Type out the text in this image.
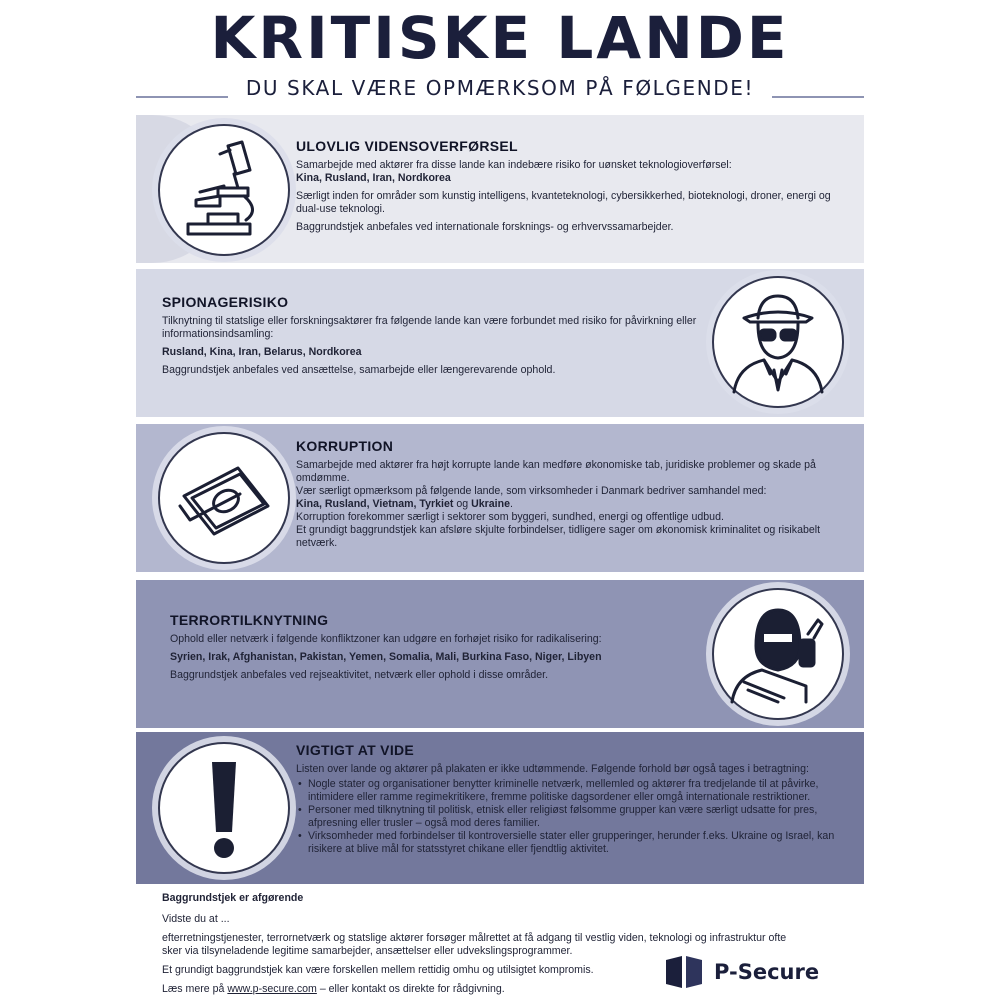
KRITISKE LANDE
DU SKAL VÆRE OPMÆRKSOM PÅ FØLGENDE!
ULOVLIG VIDENSOVERFØRSEL

Samarbejde med aktører fra disse lande kan indebære risiko for uønsket teknologioverførsel:
Kina, Rusland, Iran, Nordkorea

Særligt inden for områder som kunstig intelligens, kvanteteknologi, cybersikkerhed, bioteknologi, droner, energi og dual-use teknologi.

Baggrundstjek anbefales ved internationale forsknings- og erhvervssamarbejder.

SPIONAGERISIKO

Tilknytning til statslige eller forskningsaktører fra følgende lande kan være forbundet med risiko for påvirkning eller informationsindsamling:

Rusland, Kina, Iran, Belarus, Nordkorea

Baggrundstjek anbefales ved ansættelse, samarbejde eller længerevarende ophold.

KORRUPTION

Samarbejde med aktører fra højt korrupte lande kan medføre økonomiske tab, juridiske problemer og skade på omdømme.

Vær særligt opmærksom på følgende lande, som virksomheder i Danmark bedriver samhandel med:

Kina, Rusland, Vietnam, Tyrkiet og Ukraine.

Korruption forekommer særligt i sektorer som byggeri, sundhed, energi og offentlige udbud.

Et grundigt baggrundstjek kan afsløre skjulte forbindelser, tidligere sager om økonomisk kriminalitet og risikabelt netværk.

TERRORTILKNYTNING

Ophold eller netværk i følgende konfliktzoner kan udgøre en forhøjet risiko for radikalisering:

Syrien, Irak, Afghanistan, Pakistan, Yemen, Somalia, Mali, Burkina Faso, Niger, Libyen

Baggrundstjek anbefales ved rejseaktivitet, netværk eller ophold i disse områder.

VIGTIGT AT VIDE

Listen over lande og aktører på plakaten er ikke udtømmende. Følgende forhold bør også tages i betragtning:

• Nogle stater og organisationer benytter kriminelle netværk, mellemled og aktører fra tredjelande til at påvirke, intimidere eller ramme regimekritikere, fremme politiske dagsordener eller omgå internationale restriktioner.
• Personer med tilknytning til politisk, etnisk eller religiøst følsomme grupper kan være særligt udsatte for pres, afpresning eller trusler – også mod deres familier.
• Virksomheder med forbindelser til kontroversielle stater eller grupperinger, herunder f.eks. Ukraine og Israel, kan risikere at blive mål for statsstyret chikane eller fjendtlig aktivitet.
Baggrundstjek er afgørende

Vidste du at ...

efterretningstjenester, terrornetværk og statslige aktører forsøger målrettet at få adgang til vestlig viden, teknologi og infrastruktur ofte sker via tilsyneladende legitime samarbejder, ansættelser eller udvekslingsprogrammer.

Et grundigt baggrundstjek kan være forskellen mellem rettidig omhu og utilsigtet kompromis.

Læs mere på www.p-secure.com – eller kontakt os direkte for rådgivning.

P-Secure
